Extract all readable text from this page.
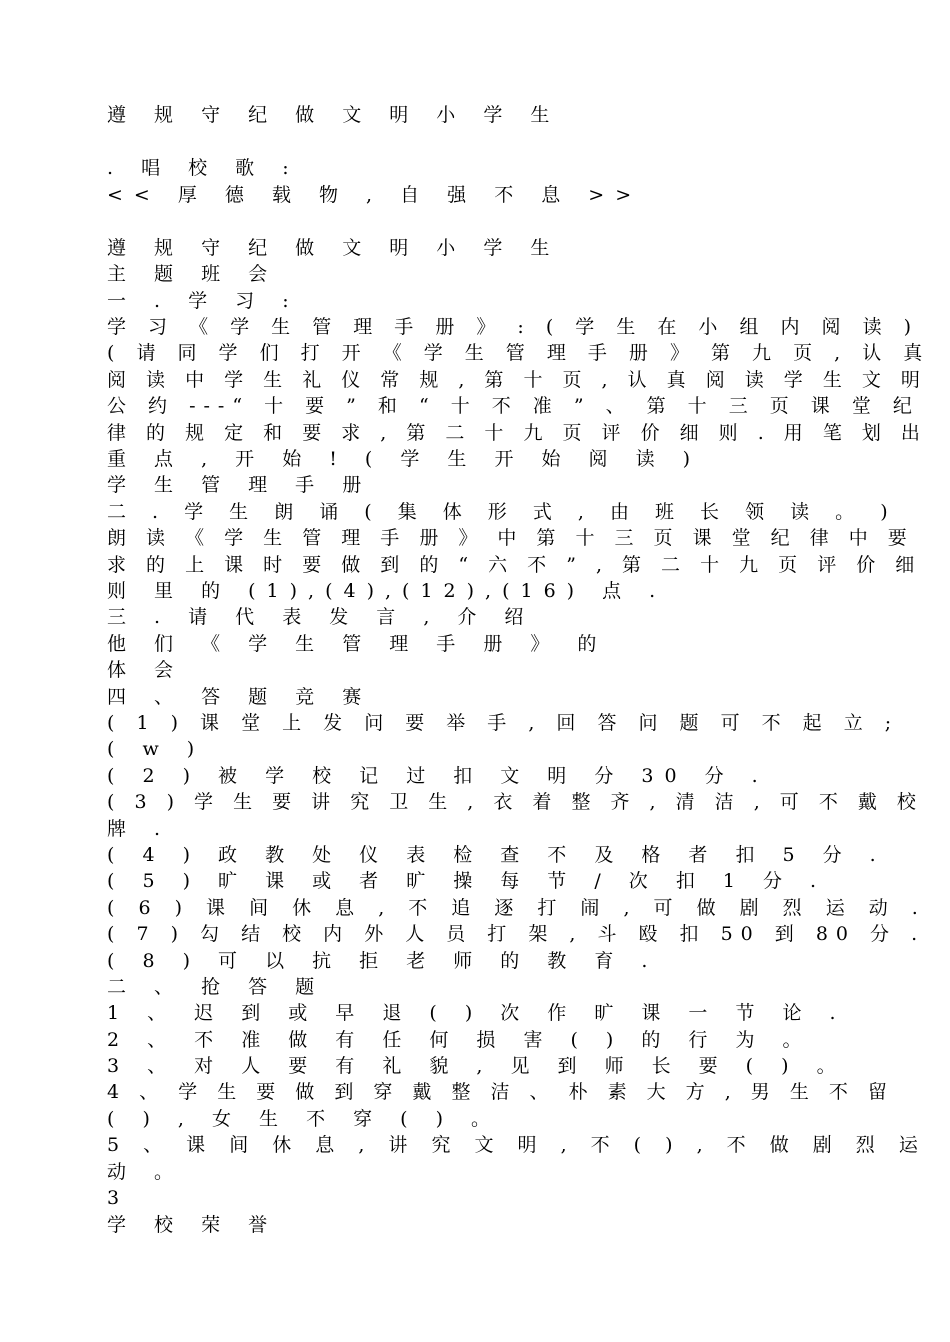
遵 规 守 纪 做 文 明 小 学 生
. 唱 校 歌 :
<< 厚 德 载 物 , 自 强 不 息 >>
遵 规 守 纪 做 文 明 小 学 生
主 题 班 会
一 . 学 习 :
学 习 《 学 生 管 理 手 册 》 : ( 学 生 在 小 组 内 阅 读 )
( 请 同 学 们 打 开 《 学 生 管 理 手 册 》 第 九 页 , 认 真
阅 读 中 学 生 礼 仪 常 规 , 第 十 页 , 认 真 阅 读 学 生 文 明
公 约 ---“ 十 要 ” 和 “ 十 不 准 ” 、 第 十 三 页 课 堂 纪
律 的 规 定 和 要 求 , 第 二 十 九 页 评 价 细 则 . 用 笔 划 出
重 点 , 开 始 ! ( 学 生 开 始 阅 读 )
学 生 管 理 手 册
二 . 学 生 朗 诵 ( 集 体 形 式 , 由 班 长 领 读 。 )
朗 读 《 学 生 管 理 手 册 》 中 第 十 三 页 课 堂 纪 律 中 要
求 的 上 课 时 要 做 到 的 “ 六 不 ” , 第 二 十 九 页 评 价 细
则 里 的 (1),(4),(12),(16) 点 .
三 . 请 代 表 发 言 , 介 绍
他 们 《 学 生 管 理 手 册 》 的
体 会
四 、 答 题 竞 赛
( 1 ) 课 堂 上 发 问 要 举 手 , 回 答 问 题 可 不 起 立 ;
( w )
( 2 ) 被 学 校 记 过 扣 文 明 分 30 分 .
( 3 ) 学 生 要 讲 究 卫 生 , 衣 着 整 齐 , 清 洁 , 可 不 戴 校
牌 .
( 4 ) 政 教 处 仪 表 检 查 不 及 格 者 扣 5 分 .
( 5 ) 旷 课 或 者 旷 操 每 节 / 次 扣 1 分 .
( 6 ) 课 间 休 息 , 不 追 逐 打 闹 , 可 做 剧 烈 运 动 .
( 7 ) 勾 结 校 内 外 人 员 打 架 , 斗 殴 扣 50 到 80 分 .
( 8 ) 可 以 抗 拒 老 师 的 教 育 .
二 、 抢 答 题
1 、 迟 到 或 早 退 ( ) 次 作 旷 课 一 节 论 .
2 、 不 准 做 有 任 何 损 害 ( ) 的 行 为 。
3 、 对 人 要 有 礼 貌 , 见 到 师 长 要 ( ) 。
4 、 学 生 要 做 到 穿 戴 整 洁 、 朴 素 大 方 , 男 生 不 留
( ) , 女 生 不 穿 ( ) 。
5 、 课 间 休 息 , 讲 究 文 明 , 不 ( ) , 不 做 剧 烈 运
动 。
3
学 校 荣 誉
